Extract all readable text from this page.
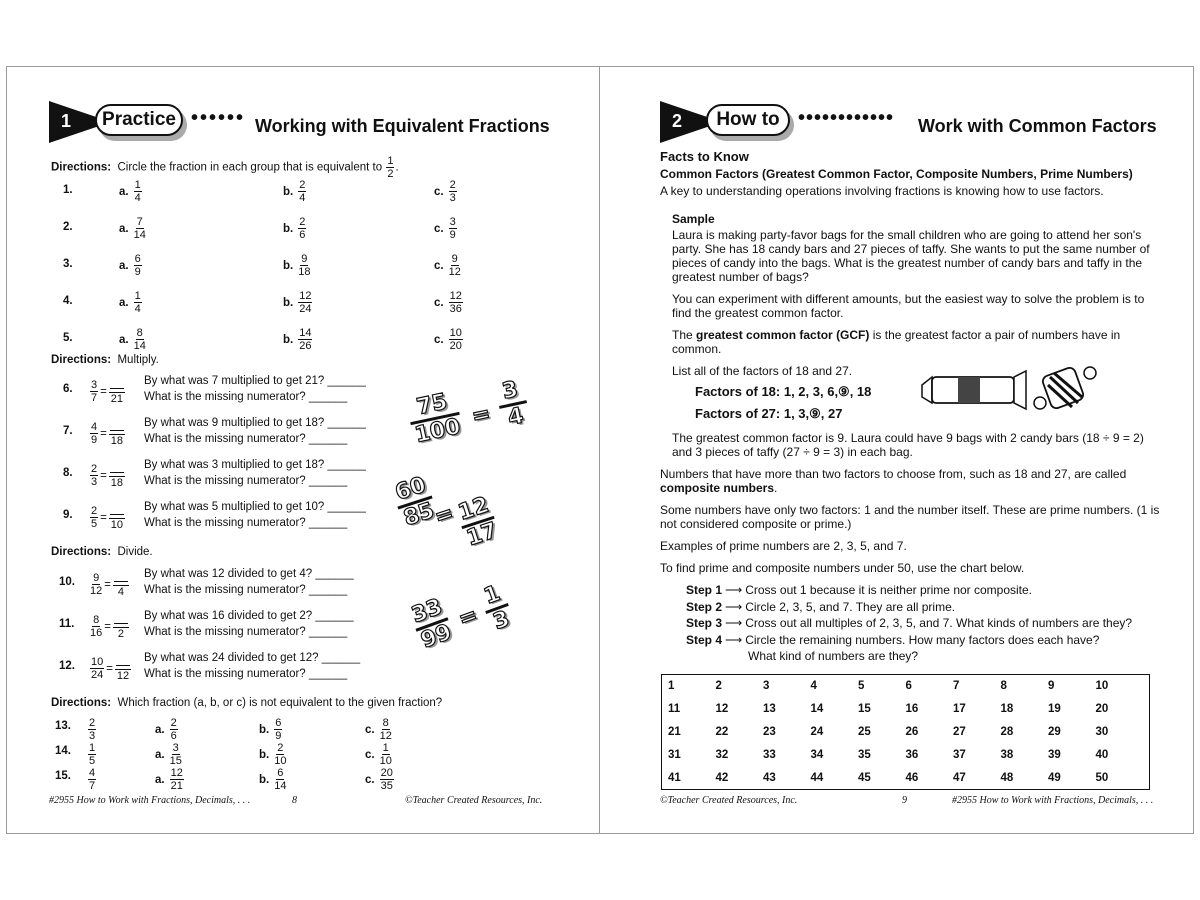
1	Practice •••••• Working with Equivalent Fractions
Directions: Circle the fraction in each group that is equivalent to $\frac{1}{2}$ .
1.	a. $\frac{1}{4}$	b. $\frac{2}{4}$	c. $\frac{2}{3}$
2.	a. $\frac{7}{14}$	b. $\frac{2}{6}$	c. $\frac{3}{9}$
3.	a. $\frac{6}{9}$	b. $\frac{9}{18}$	c. $\frac{9}{12}$
4.	a. $\frac{1}{4}$	b. $\frac{12}{24}$	c. $\frac{12}{36}$
5.	a. $\frac{8}{14}$	b. $\frac{14}{26}$	c. $\frac{10}{20}$
Directions: Multiply.
6. $\frac{3}{7}$ =
21
By what was 7 multiplied to get 21? ______
What is the missing numerator? ______
7. $\frac{4}{9}$ =
18
By what was 9 multiplied to get 18? ______
What is the missing numerator? ______
8. $\frac{2}{3}$ =
18
By what was 3 multiplied to get 18? ______
What is the missing numerator? ______
9. $\frac{2}{5}$ =
10
By what was 5 multiplied to get 10? ______
What is the missing numerator? ______
Directions: Divide.
10. $\frac{9}{12}$ =
4
By what was 12 divided to get 4? ______
What is the missing numerator? ______
11. $\frac{8}{16}$ =
2
By what was 16 divided to get 2? ______
What is the missing numerator? ______
12. $\frac{10}{24}$ =
12
By what was 24 divided to get 12? ______
What is the missing numerator? ______
Directions: Which fraction (a, b, or c) is not equivalent to the given fraction?
13. $\frac{2}{3}$	a. $\frac{2}{6}$	b. $\frac{6}{9}$	c. $\frac{8}{12}$
14. $\frac{1}{5}$	a. $\frac{3}{15}$	b. $\frac{2}{10}$	c. $\frac{1}{10}$
15. $\frac{4}{7}$	a. $\frac{12}{21}$	b. $\frac{6}{14}$	c. $\frac{20}{35}$
75
100 =
3
4
60
85
=
12
17
33
99
=
1
3
#2955 How to Work with Fractions, Decimals, . . .	8	©Teacher Created Resources, Inc.
2	How to •••••••••••• Work with Common Factors
Facts to Know
Common Factors (Greatest Common Factor, Composite Numbers, Prime Numbers)
A key to understanding operations involving fractions is knowing how to use factors.
Sample
Laura is making party-favor bags for the small children who are going to attend her son's party. She has 18 candy bars and 27 pieces of taffy. She wants to put the same number of pieces of candy into the bags. What is the greatest number of candy bars and taffy in the greatest number of bags?
You can experiment with different amounts, but the easiest way to solve the problem is to find the greatest common factor.
The greatest common factor (GCF) is the greatest factor a pair of numbers have in common.
List all of the factors of 18 and 27.
Factors of 18: 1, 2, 3, 6,⑨, 18
Factors of 27: 1, 3,⑨, 27
The greatest common factor is 9. Laura could have 9 bags with 2 candy bars (18 ÷ 9 = 2) and 3 pieces of taffy (27 ÷ 9 = 3) in each bag.
Numbers that have more than two factors to choose from, such as 18 and 27, are called composite numbers.
Some numbers have only two factors: 1 and the number itself. These are prime numbers. (1 is not considered composite or prime.)
Examples of prime numbers are 2, 3, 5, and 7.
To find prime and composite numbers under 50, use the chart below.
Step 1 ⟶ Cross out 1 because it is neither prime nor composite.
Step 2 ⟶ Circle 2, 3, 5, and 7. They are all prime.
Step 3 ⟶ Cross out all multiples of 2, 3, 5, and 7. What kinds of numbers are they?
Step 4 ⟶ Circle the remaining numbers. How many factors does each have?
What kind of numbers are they?
1	2	3	4	5	6	7	8	9	10
11	12	13	14	15	16	17	18	19	20
21	22	23	24	25	26	27	28	29	30
31	32	33	34	35	36	37	38	39	40
41	42	43	44	45	46	47	48	49	50
©Teacher Created Resources, Inc.	9	#2955 How to Work with Fractions, Decimals, . . .
